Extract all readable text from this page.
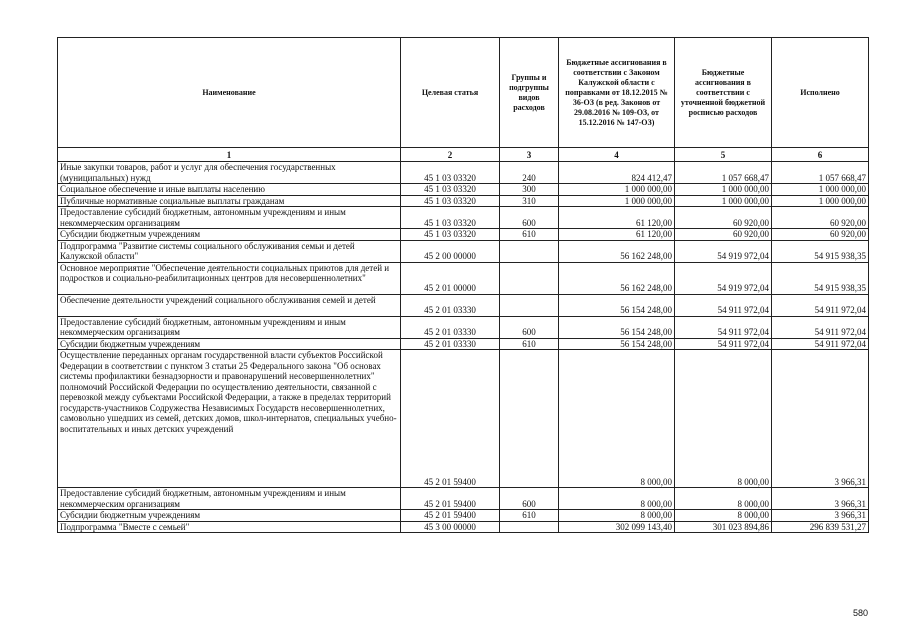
Наименование	Целевая статья	Группы и подгруппы видов расходов	Бюджетные ассигнования в соответствии с Законом Калужской области с поправками от 18.12.2015 № 36-ОЗ (в ред. Законов от 29.08.2016 № 109-ОЗ, от 15.12.2016 № 147-ОЗ)	Бюджетные ассигнования в соответствии с уточненной бюджетной росписью расходов	Исполнено
1	2	3	4	5	6
Иные закупки товаров, работ и услуг для обеспечения государственных (муниципальных) нужд	45 1 03 03320	240	824 412,47	1 057 668,47	1 057 668,47
Социальное обеспечение и иные выплаты населению	45 1 03 03320	300	1 000 000,00	1 000 000,00	1 000 000,00
Публичные нормативные социальные выплаты гражданам	45 1 03 03320	310	1 000 000,00	1 000 000,00	1 000 000,00
Предоставление субсидий бюджетным, автономным учреждениям и иным некоммерческим организациям	45 1 03 03320	600	61 120,00	60 920,00	60 920,00
Субсидии бюджетным учреждениям	45 1 03 03320	610	61 120,00	60 920,00	60 920,00
Подпрограмма "Развитие системы социального обслуживания семьи и детей Калужской области"	45 2 00 00000		56 162 248,00	54 919 972,04	54 915 938,35
Основное мероприятие "Обеспечение деятельности социальных приютов для детей и подростков и социально-реабилитационных центров для несовершеннолетних"	45 2 01 00000		56 162 248,00	54 919 972,04	54 915 938,35
Обеспечение деятельности учреждений социального обслуживания семей и детей	45 2 01 03330		56 154 248,00	54 911 972,04	54 911 972,04
Предоставление субсидий бюджетным, автономным учреждениям и иным некоммерческим организациям	45 2 01 03330	600	56 154 248,00	54 911 972,04	54 911 972,04
Субсидии бюджетным учреждениям	45 2 01 03330	610	56 154 248,00	54 911 972,04	54 911 972,04
Осуществление переданных органам государственной власти субъектов Российской Федерации в соответствии с пунктом 3 статьи 25 Федерального закона "Об основах системы профилактики безнадзорности и правонарушений несовершеннолетних" полномочий Российской Федерации по осуществлению деятельности, связанной с перевозкой между субъектами Российской Федерации, а также в пределах территорий государств-участников Содружества Независимых Государств несовершеннолетних, самовольно ушедших из семей, детских домов, школ-интернатов, специальных учебно-воспитательных и иных детских учреждений	45 2 01 59400		8 000,00	8 000,00	3 966,31
Предоставление субсидий бюджетным, автономным учреждениям и иным некоммерческим организациям	45 2 01 59400	600	8 000,00	8 000,00	3 966,31
Субсидии бюджетным учреждениям	45 2 01 59400	610	8 000,00	8 000,00	3 966,31
Подпрограмма "Вместе с семьей"	45 3 00 00000		302 099 143,40	301 023 894,86	296 839 531,27
580
